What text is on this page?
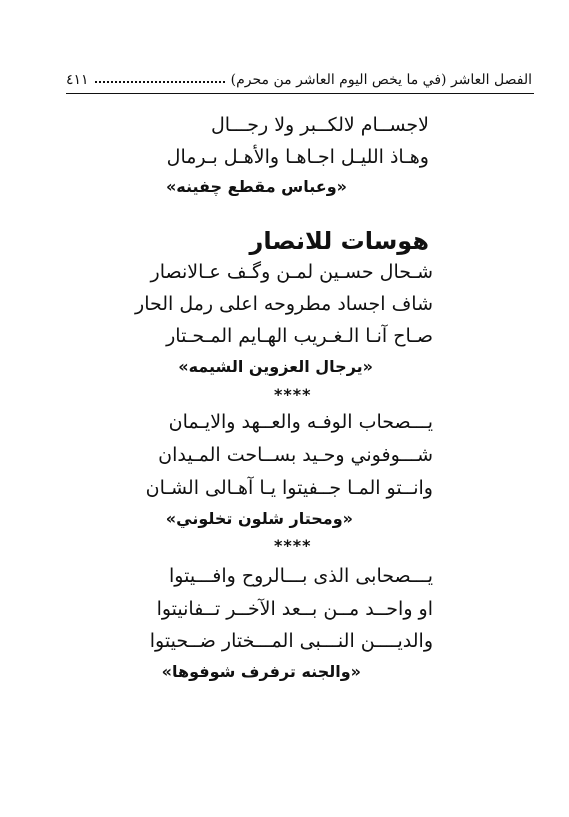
الفصل العاشر (في ما يخص اليوم العاشر من محرم)
٤١١
لاجســام لالكــبر ولا رجـــال
وهـاذ الليـل اجـاهـا والأهـل بـرمال
«وعباس مقطع چفينه»
هوسات للانصار
شـحال حسـين لمـن وگـف عـالانصار
شاف اجساد مطروحه اعلى رمل الحار
صـاح آنـا الـغـريب الهـايم المـحـتار
«يرجال العزوين الشيمه»
****
يـــصحاب الوفـه والعــهد والايـمان
شـــوفوني وحـيد بســاحت المـيدان
وانــتو المـا جــفيتوا يـا آهـالى الشـان
«ومحتار شلون تخلوني»
****
يـــصحابى الذى بـــالروح وافـــيتوا
او واحــد مــن بــعد الآخــر تــفانيتوا
والديــــن النـــبى المـــختار ضــحيتوا
«والجنه ترفرف شوفوها»
